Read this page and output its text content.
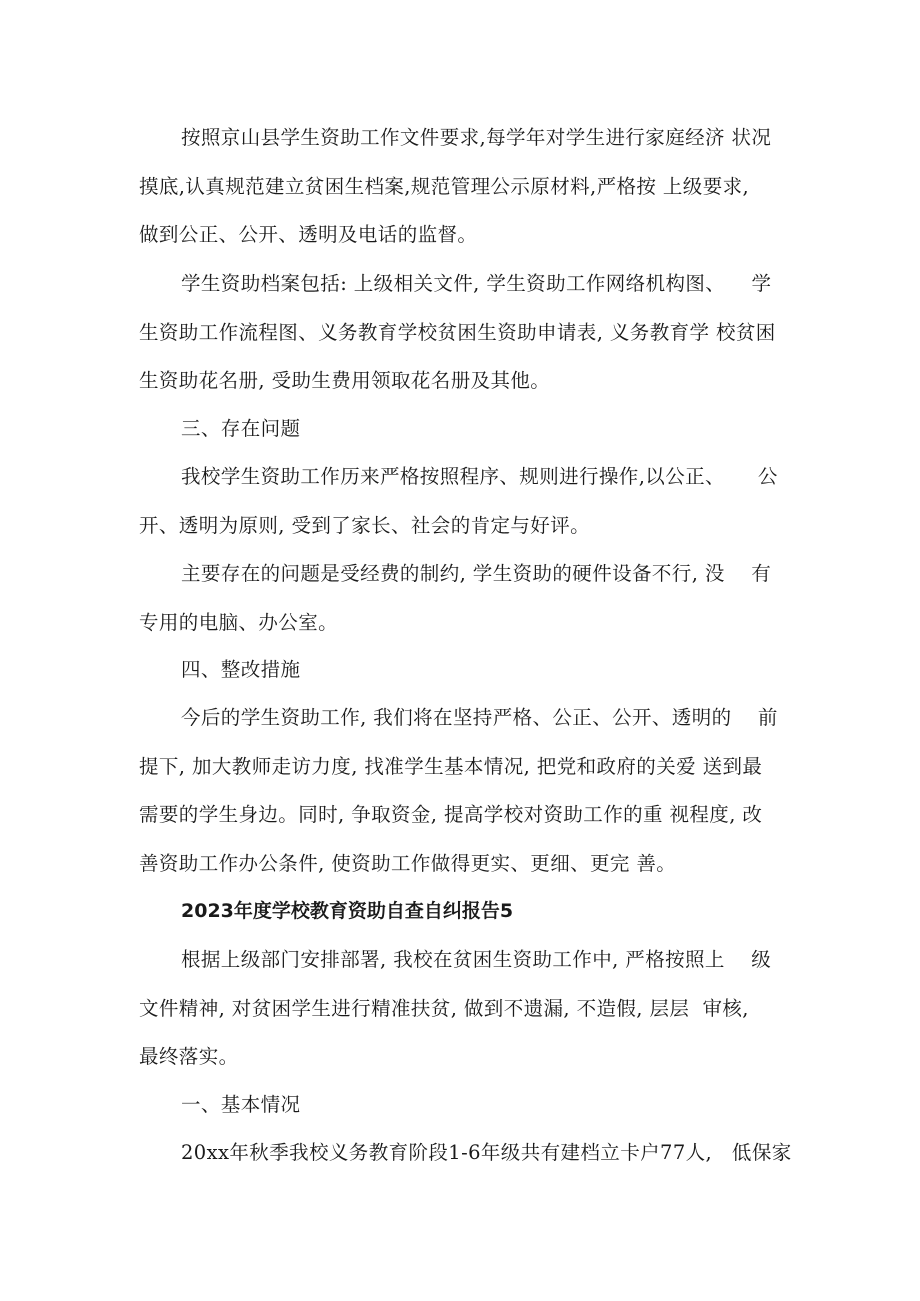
按照京山县学生资助工作文件要求,每学年对学生进行家庭经济 状况
摸底,认真规范建立贫困生档案,规范管理公示原材料,严格按 上级要求,
做到公正、公开、透明及电话的监督。
学生资助档案包括: 上级相关文件, 学生资助工作网络机构图、    学
生资助工作流程图、义务教育学校贫困生资助申请表, 义务教育学 校贫困
生资助花名册, 受助生费用领取花名册及其他。
三、存在问题
我校学生资助工作历来严格按照程序、规则进行操作,以公正、     公
开、透明为原则, 受到了家长、社会的肯定与好评。
主要存在的问题是受经费的制约, 学生资助的硬件设备不行, 没    有
专用的电脑、办公室。
四、整改措施
今后的学生资助工作, 我们将在坚持严格、公正、公开、透明的    前
提下, 加大教师走访力度, 找准学生基本情况, 把党和政府的关爱 送到最
需要的学生身边。同时, 争取资金, 提高学校对资助工作的重 视程度, 改
善资助工作办公条件, 使资助工作做得更实、更细、更完 善。
2023年度学校教育资助自查自纠报告5
根据上级部门安排部署, 我校在贫困生资助工作中, 严格按照上    级
文件精神, 对贫困学生进行精准扶贫, 做到不遗漏, 不造假, 层层  审核,
最终落实。
一、基本情况
20xx年秋季我校义务教育阶段1-6年级共有建档立卡户77人,   低保家
